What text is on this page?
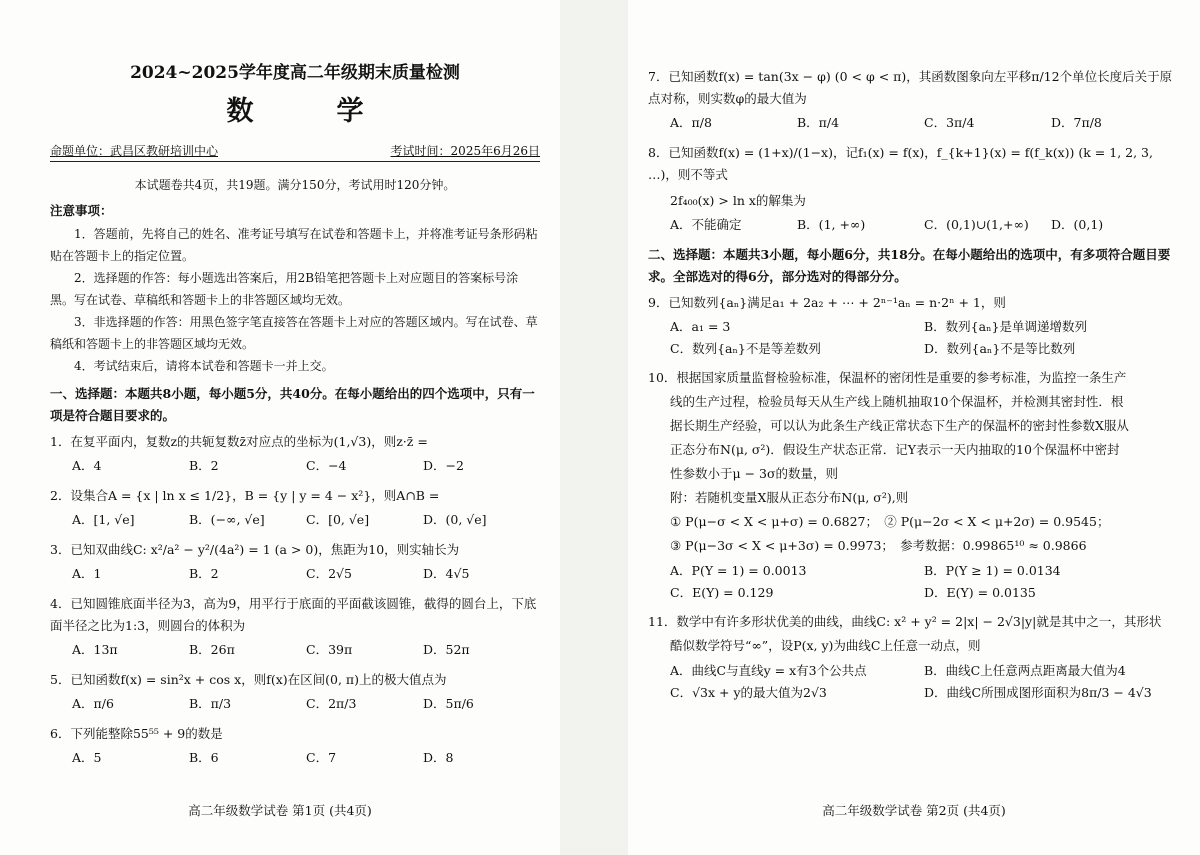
2024~2025学年度高二年级期末质量检测
数　学
命题单位：武昌区教研培训中心	考试时间：2025年6月26日
本试题卷共4页，共19题。满分150分，考试用时120分钟。
注意事项：

1．答题前，先将自己的姓名、准考证号填写在试卷和答题卡上，并将准考证号条形码粘贴在答题卡上的指定位置。

2．选择题的作答：每小题选出答案后，用2B铅笔把答题卡上对应题目的答案标号涂黑。写在试卷、草稿纸和答题卡上的非答题区域均无效。

3．非选择题的作答：用黑色签字笔直接答在答题卡上对应的答题区域内。写在试卷、草稿纸和答题卡上的非答题区域均无效。

4．考试结束后，请将本试卷和答题卡一并上交。

一、选择题：本题共8小题，每小题5分，共40分。在每小题给出的四个选项中，只有一项是符合题目要求的。
1．在复平面内，复数z的共轭复数z̄对应点的坐标为(1,√3)，则z·z̄ =
A．4	B．2	C．−4	D．−2
2．设集合A = {x | ln x ≤ 1/2}，B = {y | y = 4 − x²}，则A∩B =
A．[1, √e]	B．(−∞, √e]	C．[0, √e]	D．(0, √e]
3．已知双曲线C: x²/a² − y²/(4a²) = 1 (a > 0)，焦距为10，则实轴长为
A．1	B．2	C．2√5	D．4√5
4．已知圆锥底面半径为3，高为9，用平行于底面的平面截该圆锥，截得的圆台上，下底面半径之比为1:3，则圆台的体积为
A．13π	B．26π	C．39π	D．52π
5．已知函数f(x) = sin²x + cos x，则f(x)在区间(0, π)上的极大值点为
A．π/6	B．π/3	C．2π/3	D．5π/6
6．下列能整除55⁵⁵ + 9的数是
A．5	B．6	C．7	D．8
高二年级数学试卷 第1页 (共4页)
7．已知函数f(x) = tan(3x − φ) (0 < φ < π)，其函数图象向左平移π/12个单位长度后关于原点对称，则实数φ的最大值为
A．π/8	B．π/4	C．3π/4	D．7π/8
8．已知函数f(x) = (1+x)/(1−x)，记f₁(x) = f(x)，f_{k+1}(x) = f(f_k(x)) (k = 1, 2, 3, …)，则不等式
2f₄₀₀(x) > ln x的解集为
A．不能确定	B．(1, +∞)	C．(0,1)∪(1,+∞)	D．(0,1)
二、选择题：本题共3小题，每小题6分，共18分。在每小题给出的选项中，有多项符合题目要求。全部选对的得6分，部分选对的得部分分。
9．已知数列{aₙ}满足a₁ + 2a₂ + ⋯ + 2ⁿ⁻¹aₙ = n·2ⁿ + 1，则
A．a₁ = 3	B．数列{aₙ}是单调递增数列
C．数列{aₙ}不是等差数列	D．数列{aₙ}不是等比数列

10．根据国家质量监督检验标准，保温杯的密闭性是重要的参考标准，为监控一条生产

线的生产过程，检验员每天从生产线上随机抽取10个保温杯，并检测其密封性．根

据长期生产经验，可以认为此条生产线正常状态下生产的保温杯的密封性参数X服从

正态分布N(μ, σ²)．假设生产状态正常．记Y表示一天内抽取的10个保温杯中密封

性参数小于μ − 3σ的数量，则

附：若随机变量X服从正态分布N(μ, σ²),则

① P(μ−σ < X < μ+σ) = 0.6827；　② P(μ−2σ < X < μ+2σ) = 0.9545；

③ P(μ−3σ < X < μ+3σ) = 0.9973；　参考数据：0.99865¹⁰ ≈ 0.9866

A．P(Y = 1) = 0.0013	B．P(Y ≥ 1) = 0.0134
C．E(Y) = 0.129	D．E(Y) = 0.0135

11．数学中有许多形状优美的曲线，曲线C: x² + y² = 2|x| − 2√3|y|就是其中之一，其形状

酷似数学符号“∞”，设P(x, y)为曲线C上任意一动点，则

A．曲线C与直线y = x有3个公共点	B．曲线C上任意两点距离最大值为4
C．√3x + y的最大值为2√3	D．曲线C所围成图形面积为8π/3 − 4√3
高二年级数学试卷 第2页 (共4页)
